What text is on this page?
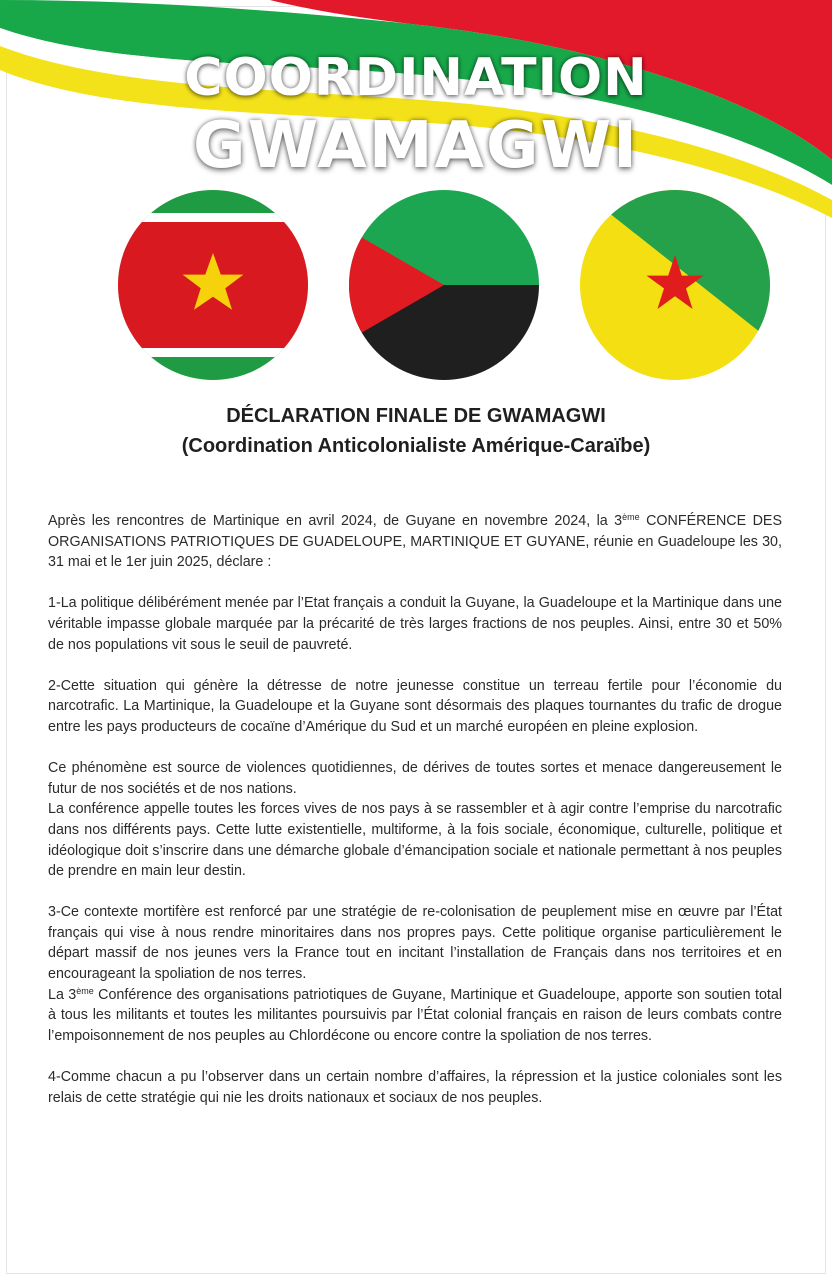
COORDINATION
GWAMAGWI
DÉCLARATION FINALE DE GWAMAGWI
(Coordination Anticolonialiste Amérique-Caraïbe)

Après les rencontres de Martinique en avril 2024, de Guyane en novembre 2024, la 3ème CONFÉRENCE DES ORGANISATIONS PATRIOTIQUES DE GUADELOUPE, MARTINIQUE ET GUYANE, réunie en Guadeloupe les 30, 31 mai et le 1er juin 2025, déclare :

1-La politique délibérément menée par l’Etat français a conduit la Guyane, la Guadeloupe et la Martinique dans une véritable impasse globale marquée par la précarité de très larges fractions de nos peuples. Ainsi, entre 30 et 50% de nos populations vit sous le seuil de pauvreté.

2-Cette situation qui génère la détresse de notre jeunesse constitue un terreau fertile pour l’économie du narcotrafic. La Martinique, la Guadeloupe et la Guyane sont désormais des plaques tournantes du trafic de drogue entre les pays producteurs de cocaïne d’Amérique du Sud et un marché européen en pleine explosion.

Ce phénomène est source de violences quotidiennes, de dérives de toutes sortes et menace dangereusement le futur de nos sociétés et de nos nations.

La conférence appelle toutes les forces vives de nos pays à se rassembler et à agir contre l’emprise du narcotrafic dans nos différents pays. Cette lutte existentielle, multiforme, à la fois sociale, économique, culturelle, politique et idéologique doit s’inscrire dans une démarche globale d’émancipation sociale et nationale permettant à nos peuples de prendre en main leur destin.

3-Ce contexte mortifère est renforcé par une stratégie de re-colonisation de peuplement mise en œuvre par l’État français qui vise à nous rendre minoritaires dans nos propres pays. Cette politique organise particulièrement le départ massif de nos jeunes vers la France tout en incitant l’installation de Français dans nos territoires et en encourageant la spoliation de nos terres.

La 3ème Conférence des organisations patriotiques de Guyane, Martinique et Guadeloupe, apporte son soutien total à tous les militants et toutes les militantes poursuivis par l’État colonial français en raison de leurs combats contre l’empoisonnement de nos peuples au Chlordécone ou encore contre la spoliation de nos terres.

4-Comme chacun a pu l’observer dans un certain nombre d’affaires, la répression et la justice coloniales sont les relais de cette stratégie qui nie les droits nationaux et sociaux de nos peuples.
